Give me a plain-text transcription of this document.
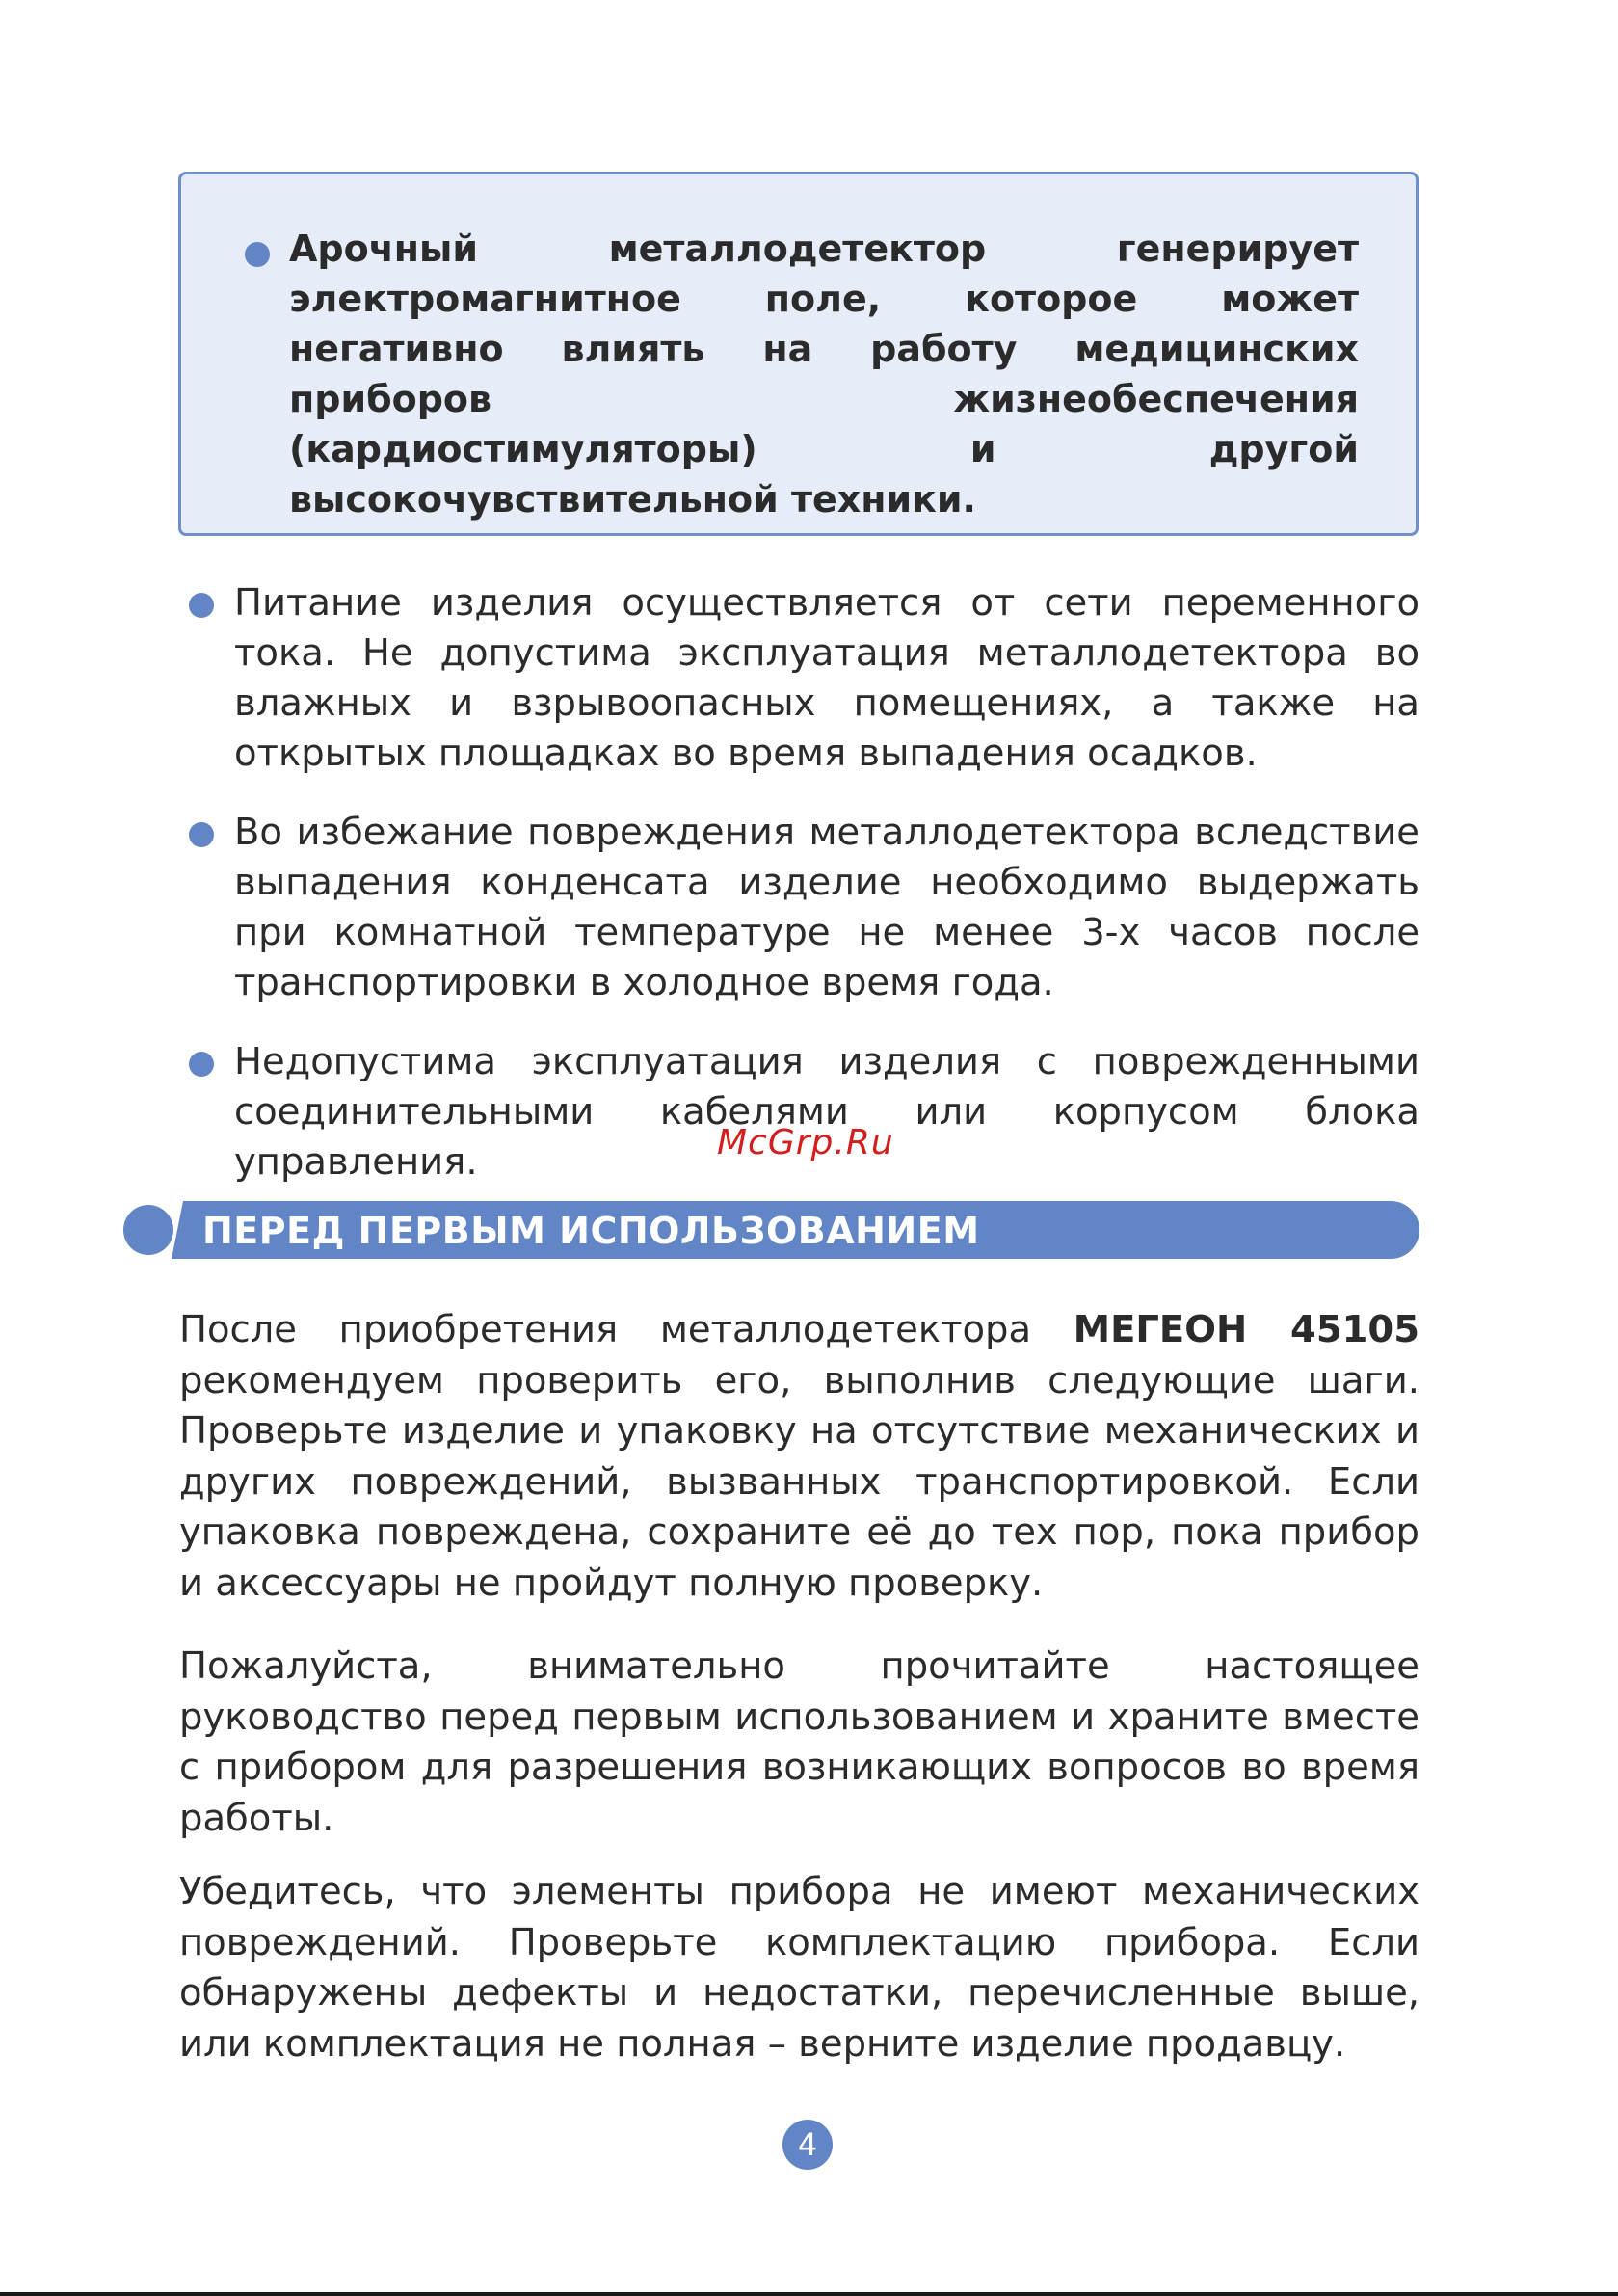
Арочный металлодетектор генерирует электромагнитное поле, которое может негативно влиять на работу медицинских приборов жизнеобеспечения (кардиостимуляторы) и другой высокочувствительной техники.
Питание изделия осуществляется от сети переменного тока. Не допустима эксплуатация металлодетектора во влажных и взрывоопасных помещениях, а также на открытых площадках во время выпадения осадков.
Во избежание повреждения металлодетектора вследствие выпадения конденсата изделие необходимо выдержать при комнатной температуре не менее 3-х часов после транспортировки в холодное время года.
Недопустима эксплуатация изделия с поврежденными соединительными кабелями или корпусом блока управления.	McGrp.Ru
ПЕРЕД ПЕРВЫМ ИСПОЛЬЗОВАНИЕМ
После приобретения металлодетектора МЕГЕОН 45105 рекомендуем проверить его, выполнив следующие шаги. Проверьте изделие и упаковку на отсутствие механических и других повреждений, вызванных транспортировкой. Если упаковка повреждена, сохраните её до тех пор, пока прибор и аксессуары не пройдут полную проверку.
Пожалуйста, внимательно прочитайте настоящее руководство перед первым использованием и храните вместе с прибором для разрешения возникающих вопросов во время работы.
Убедитесь, что элементы прибора не имеют механических повреждений. Проверьте комплектацию прибора. Если обнаружены дефекты и недостатки, перечисленные выше, или комплектация не полная – верните изделие продавцу.
4
